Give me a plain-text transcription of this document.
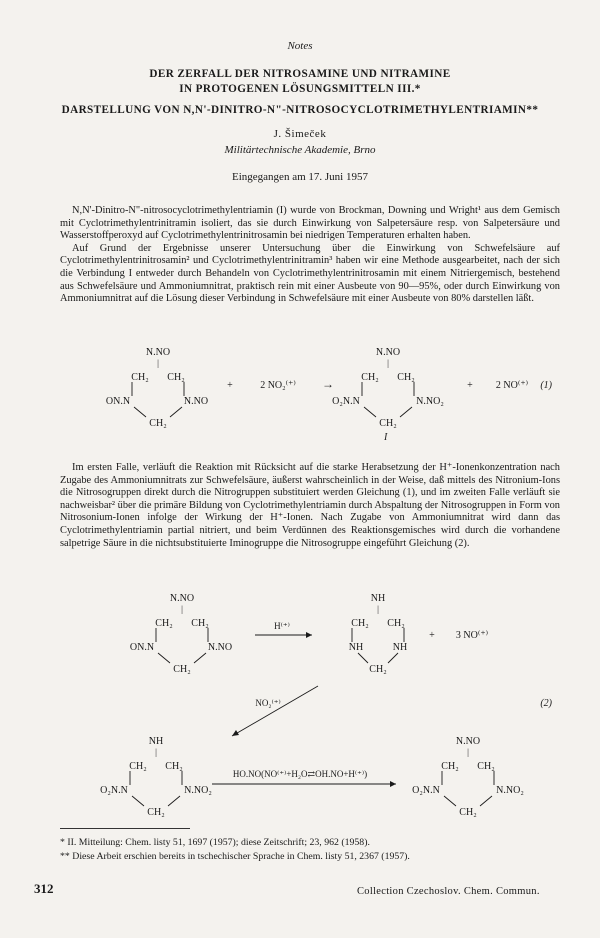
Notes
DER ZERFALL DER NITROSAMINE UND NITRAMINE
IN PROTOGENEN LÖSUNGSMITTELN III.*
DARSTELLUNG VON N,N'-DINITRO-N"-NITROSOCYCLOTRIMETHYLENTRIAMIN**
J. Šimeček
Militärtechnische Akademie, Brno
Eingegangen am 17. Juni 1957

N,N'-Dinitro-N"-nitrosocyclotrimethylentriamin (I) wurde von Brockman, Downing und Wright¹ aus dem Gemisch mit Cyclotrimethylentrinitramin isoliert, das sie durch Einwirkung von Salpetersäure resp. von Salpetersäure und Wasserstoffperoxyd auf Cyclotrimethylentrinitrosamin bei niedrigen Temperaturen erhalten haben.

Auf Grund der Ergebnisse unserer Untersuchung über die Einwirkung von Schwefelsäure auf Cyclotrimethylentrinitrosamin² und Cyclotrimethylentrinitramin³ haben wir eine Methode ausgearbeitet, nach der sich die Verbindung I entweder durch Behandeln von Cyclotrimethylentrinitrosamin mit einem Nitriergemisch, bestehend aus Schwefelsäure und Ammoniumnitrat, praktisch rein mit einer Ausbeute von 90—95%, oder durch Einwirkung von Ammoniumnitrat auf die Lösung dieser Verbindung in Schwefelsäure mit einer Ausbeute von 80% darstellen läßt.

N.NO
|
CH₂ CH₂
ON.N	N.NO
CH₂
+	2 NO₂⁽⁺⁾ →
N.NO
|
CH₂ CH₂
O₂N.N	N.NO₂
CH₂
+ 2 NO⁽⁺⁾ (1)
I

Im ersten Falle, verläuft die Reaktion mit Rücksicht auf die starke Herabsetzung der H⁺-Ionenkonzentration nach Zugabe des Ammoniumnitrats zur Schwefelsäure, äußerst wahrscheinlich in der Weise, daß mittels des Nitronium-Ions die Nitrosogruppen direkt durch die Nitrogruppen substituiert werden Gleichung (1), und im zweiten Falle verläuft sie nachweisbar² über die primäre Bildung von Cyclotrimethylentriamin durch Abspaltung der Nitrosogruppen in Form von Nitrosonium-Ionen infolge der Wirkung der H⁺-Ionen. Nach Zugabe von Ammoniumnitrat wird dann das Cyclotrimethylentriamin partial nitriert, und beim Verdünnen des Reaktionsgemisches wird durch die vorhandene salpetrige Säure in die nichtsubstituierte Iminogruppe die Nitrosogruppe eingeführt Gleichung (2).

N.NO
|
CH₂ CH₂
ON.N	N.NO
CH₂
H⁽⁺⁾
NH
|
CH₂ CH₂
NH	NH
CH₂
+ 3 NO⁽⁺⁾
NO₂⁽⁺⁾	(2)
NH
|
CH₂ CH₂
O₂N.N	N.NO₂
CH₂
HO.NO(NO⁽⁺⁾+H₂O⇄OH.NO+H⁽⁺⁾)
N.NO
|
CH₂ CH₂
O₂N.N	N.NO₂
CH₂
* II. Mitteilung: Chem. listy 51, 1697 (1957); diese Zeitschrift; 23, 962 (1958).
** Diese Arbeit erschien bereits in tschechischer Sprache in Chem. listy 51, 2367 (1957).
312	Collection Czechoslov. Chem. Commun.
